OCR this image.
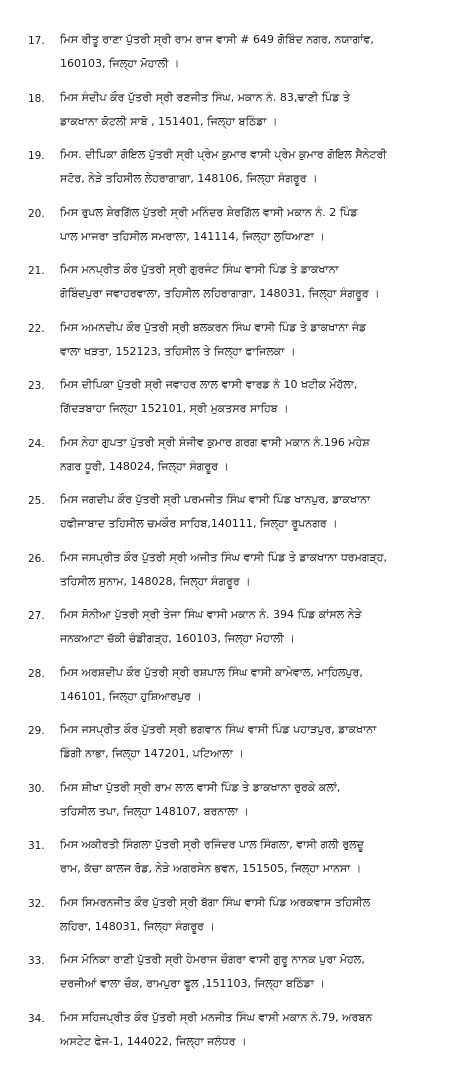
17.	ਮਿਸ ਰੀਤੂ ਰਾਣਾ ਪੁੱਤਰੀ ਸ੍ਰੀ ਰਾਮ ਰਾਜ ਵਾਸੀ # 649 ਗੋਬਿੰਦ ਨਗਰ, ਨਯਾਗਾਂਵ,
160103, ਜਿਲ੍ਹਾ ਮੋਹਾਲੀ ।
18.	ਮਿਸ ਸੰਦੀਪ ਕੌਰ ਪੁੱਤਰੀ ਸ੍ਰੀ ਰਣਜੀਤ ਸਿੰਘ, ਮਕਾਨ ਨੰ. 83,ਢਾਣੀ ਪਿੰਡ ਤੇ
ਡਾਕਖਾਨਾ ਕੋਟਲੀ ਸਾਬੋ , 151401, ਜਿਲ੍ਹਾ ਬਠਿੰਡਾ ।
19.	ਮਿਸ. ਦੀਪਿਕਾ ਗੋਇਲ ਪੁੱਤਰੀ ਸ੍ਰੀ ਪ੍ਰੇਮ ਕੁਮਾਰ ਵਾਸੀ ਪ੍ਰੇਮ ਕੁਮਾਰ ਗੋਇਲ ਸੈਨੇਟਰੀ
ਸਟੋਰ, ਨੇੜੇ ਤਹਿਸੀਲ ਲੇਹਰਾਗਾਗਾ, 148106, ਜਿਲ੍ਹਾ ਸੰਗਰੂਰ ।
20.	ਮਿਸ ਰੁਪਲ ਸ਼ੇਰਗਿੱਲ ਪੁੱਤਰੀ ਸ੍ਰੀ ਮਨਿੰਦਰ ਸ਼ੇਰਗਿੱਲ ਵਾਸੀ ਮਕਾਨ ਨੰ. 2 ਪਿੰਡ
ਪਾਲ ਮਾਜਰਾ ਤਹਿਸੀਲ ਸਮਰਾਲਾ, 141114, ਜਿਲ੍ਹਾ ਲੁਧਿਆਣਾ ।
21.	ਮਿਸ ਮਨਪ੍ਰੀਤ ਕੌਰ ਪੁੱਤਰੀ ਸ੍ਰੀ ਗੁਰਜੰਟ ਸਿੰਘ ਵਾਸੀ ਪਿੰਡ ਤੇ ਡਾਕਖਾਨਾ
ਗੋਬਿੰਦਪੁਰਾ ਜਵਾਹਰਵਾਲਾ, ਤਹਿਸੀਲ ਲਹਿਰਾਗਾਗਾ, 148031, ਜਿਲ੍ਹਾ ਸੰਗਰੂਰ ।
22.	ਮਿਸ ਅਮਨਦੀਪ ਕੌਰ ਪੁੱਤਰੀ ਸ੍ਰੀ ਬਲਕਰਨ ਸਿੰਘ ਵਾਸੀ ਪਿੰਡ ਤੇ ਡਾਕਖਾਨਾ ਜੰਡ
ਵਾਲਾ ਖੜਤਾ, 152123, ਤਹਿਸੀਲ ਤੇ ਜਿਲ੍ਹਾ ਫਾਜਿਲਕਾ ।
23.	ਮਿਸ ਦੀਪਿਕਾ ਪੁੱਤਰੀ ਸ੍ਰੀ ਜਵਾਹਰ ਲਾਲ ਵਾਸੀ ਵਾਰਡ ਨੰ 10 ਖਟੀਕ ਮੌਹੱਲਾ,
ਗਿੱਦੜਬਾਹਾ ਜਿਲ੍ਹਾ 152101, ਸ੍ਰੀ ਮੁਕਤਸਰ ਸਾਹਿਬ ।
24.	ਮਿਸ ਨੇਹਾ ਗੁਪਤਾ ਪੁੱਤਰੀ ਸ੍ਰੀ ਸੰਜੀਵ ਕੁਮਾਰ ਗਰਗ ਵਾਸੀ ਮਕਾਨ ਨੰ.196 ਮਹੇਸ਼
ਨਗਰ ਧੂਰੀ, 148024, ਜਿਲ੍ਹਾ ਸੰਗਰੂਰ ।
25.	ਮਿਸ ਜਗਦੀਪ ਕੌਰ ਪੁੱਤਰੀ ਸ੍ਰੀ ਪਰਮਜੀਤ ਸਿੰਘ ਵਾਸੀ ਪਿੰਡ ਖਾਨਪੁਰ, ਡਾਕਖਾਨਾ
ਹਫੀਜਾਬਾਦ ਤਹਿਸੀਲ ਚਮਕੌਰ ਸਾਹਿਬ,140111, ਜਿਲ੍ਹਾ ਰੂਪਨਗਰ ।
26.	ਮਿਸ ਜਸਪ੍ਰੀਤ ਕੌਰ ਪੁੱਤਰੀ ਸ੍ਰੀ ਅਜੀਤ ਸਿੰਘ ਵਾਸੀ ਪਿੰਡ ਤੇ ਡਾਕਖਾਨਾ ਧਰਮਗੜ੍ਹ,
ਤਹਿਸੀਲ ਸੁਨਾਮ, 148028, ਜਿਲ੍ਹਾ ਸੰਗਰੂਰ ।
27.	ਮਿਸ ਸੋਨੀਆ ਪੁੱਤਰੀ ਸ੍ਰੀ ਤੇਜਾ ਸਿੰਘ ਵਾਸੀ ਮਕਾਨ ਨੰ. 394 ਪਿੰਡ ਕਾਂਸਲ ਨੇੜੇ
ਜਨਕਆਟਾ ਚੱਕੀ ਚੰਡੀਗੜ੍ਹ, 160103, ਜਿਲ੍ਹਾ ਮੋਹਾਲੀ ।
28.	ਮਿਸ ਅਰਸ਼ਦੀਪ ਕੌਰ ਪੁੱਤਰੀ ਸ੍ਰੀ ਰਸ਼ਪਾਲ ਸਿੰਘ ਵਾਸੀ ਕਾਮੇਵਾਲ, ਮਾਹਿਲਪੁਰ,
146101, ਜਿਲ੍ਹਾ ਹੁਸ਼ਿਆਰਪੁਰ ।
29.	ਮਿਸ ਜਸਪ੍ਰੀਤ ਕੌਰ ਪੁੱਤਰੀ ਸ੍ਰੀ ਭਗਵਾਨ ਸਿੰਘ ਵਾਸੀ ਪਿੰਡ ਪਹਾੜਪੁਰ, ਡਾਕਖਾਨਾ
ਡਿੰਗੀ ਨਾਭਾ, ਜਿਲ੍ਹਾ 147201, ਪਟਿਆਲਾ ।
30.	ਮਿਸ ਸ਼ੀਖਾ ਪੁੱਤਰੀ ਸ੍ਰੀ ਰਾਮ ਲਾਲ ਵਾਸੀ ਪਿੰਡ ਤੇ ਡਾਕਖਾਨਾ ਰੁਰਕੇ ਕਲਾਂ,
ਤਹਿਸੀਲ ਤਪਾ, ਜਿਲ੍ਹਾ 148107, ਬਰਨਾਲਾ ।
31.	ਮਿਸ ਅਕੀਰਤੀ ਸਿੰਗਲਾ ਪੁੱਤਰੀ ਸ੍ਰੀ ਰਜਿੰਦਰ ਪਾਲ ਸਿੰਗਲਾ, ਵਾਸੀ ਗਲੀ ਰੁਲਦੂ
ਰਾਮ, ਕੱਚਾ ਕਾਲਜ ਰੋਡ, ਨੇੜੇ ਅਗਰਸੇਨ ਭਵਨ, 151505, ਜਿਲ੍ਹਾ ਮਾਨਸਾ ।
32.	ਮਿਸ ਸਿਮਰਨਜੀਤ ਕੌਰ ਪੁੱਤਰੀ ਸ੍ਰੀ ਬੱਗਾ ਸਿੰਘ ਵਾਸੀ ਪਿੰਡ ਅਰਕਵਾਸ ਤਹਿਸੀਲ
ਲਹਿਰਾ, 148031, ਜਿਲ੍ਹਾ ਸੰਗਰੂਰ ।
33.	ਮਿਸ ਮੋਨਿਕਾ ਰਾਣੀ ਪੁੱਤਰੀ ਸ੍ਰੀ ਹੇਮਰਾਜ ਚੌਗਰਾ ਵਾਸੀ ਗੁਰੂ ਨਾਨਕ ਪੁਰਾ ਮੋਹਲ,
ਦਰਜੀਆਂ ਵਾਲਾ ਚੌਕ, ਰਾਮਪੁਰਾ ਫੂਲ ,151103, ਜਿਲ੍ਹਾ ਬਠਿੰਡਾ ।
34.	ਮਿਸ ਸਹਿਜਪ੍ਰੀਤ ਕੌਰ ਪੁੱਤਰੀ ਸ੍ਰੀ ਮਨਜੀਤ ਸਿੰਘ ਵਾਸੀ ਮਕਾਨ ਨੰ.79, ਅਰਬਨ
ਅਸਟੇਟ ਫੇਜ-1, 144022, ਜਿਲ੍ਹਾ ਜਲੰਧਰ ।
